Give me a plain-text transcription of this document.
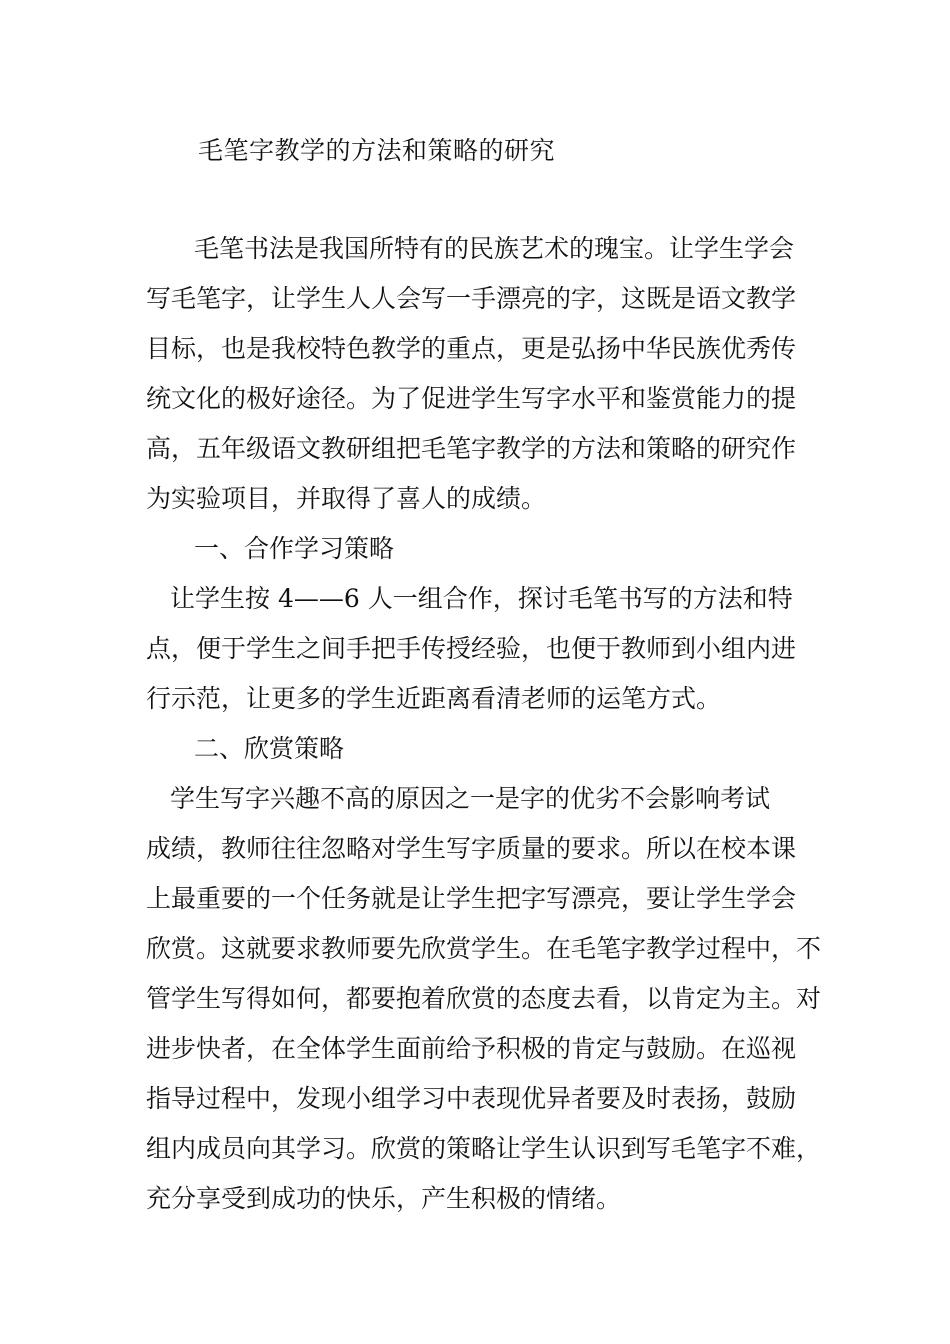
毛笔字教学的方法和策略的研究
毛笔书法是我国所特有的民族艺术的瑰宝。让学生学会
写毛笔字，让学生人人会写一手漂亮的字，这既是语文教学
目标，也是我校特色教学的重点，更是弘扬中华民族优秀传
统文化的极好途径。为了促进学生写字水平和鉴赏能力的提
高，五年级语文教研组把毛笔字教学的方法和策略的研究作
为实验项目，并取得了喜人的成绩。
一、合作学习策略
让学生按 4——6 人一组合作，探讨毛笔书写的方法和特
点，便于学生之间手把手传授经验，也便于教师到小组内进
行示范，让更多的学生近距离看清老师的运笔方式。
二、欣赏策略
学生写字兴趣不高的原因之一是字的优劣不会影响考试
成绩，教师往往忽略对学生写字质量的要求。所以在校本课
上最重要的一个任务就是让学生把字写漂亮，要让学生学会
欣赏。这就要求教师要先欣赏学生。在毛笔字教学过程中，不
管学生写得如何，都要抱着欣赏的态度去看，以肯定为主。对
进步快者，在全体学生面前给予积极的肯定与鼓励。在巡视
指导过程中，发现小组学习中表现优异者要及时表扬，鼓励
组内成员向其学习。欣赏的策略让学生认识到写毛笔字不难，
充分享受到成功的快乐，产生积极的情绪。
